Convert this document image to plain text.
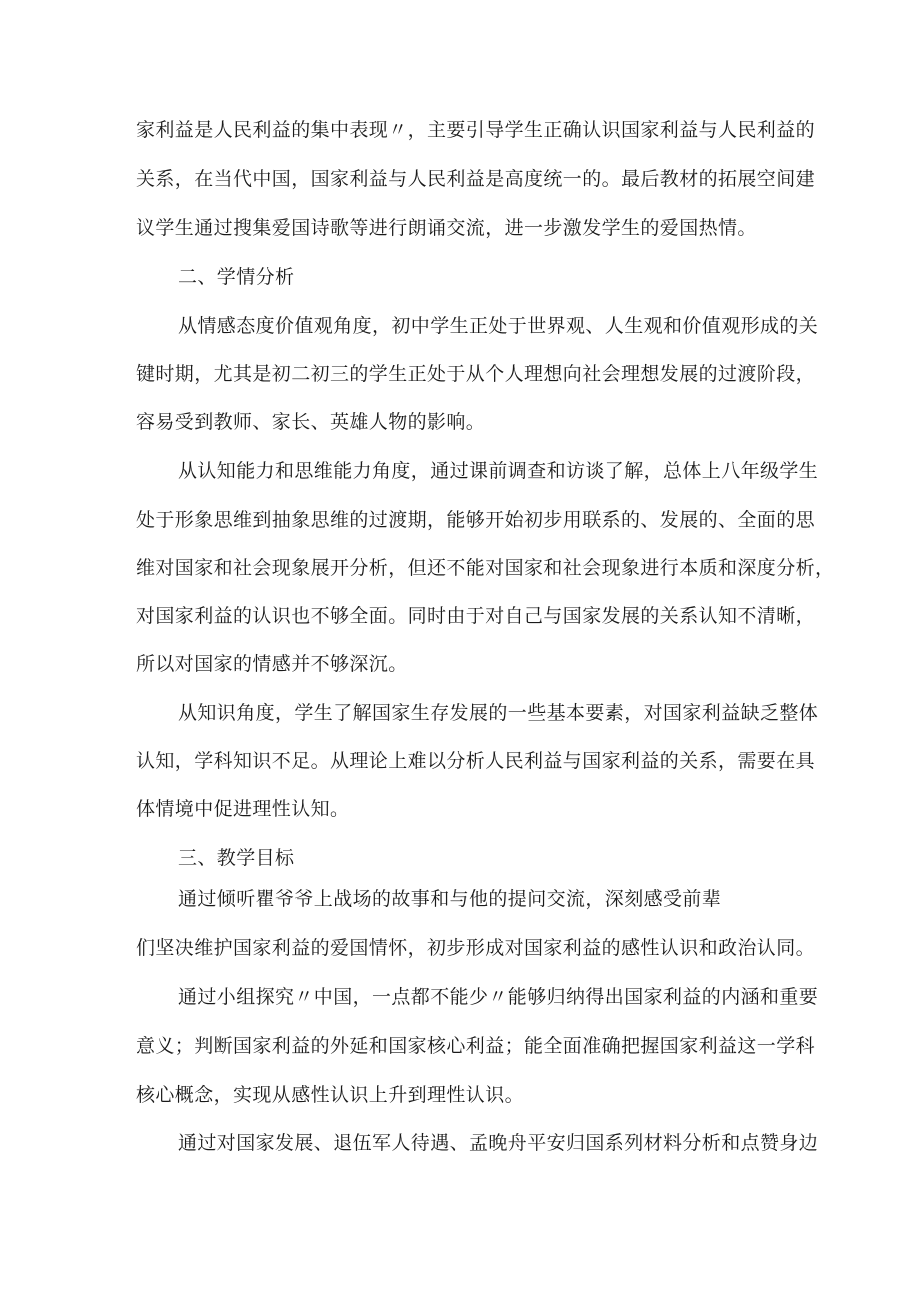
家利益是人民利益的集中表现〃，主要引导学生正确认识国家利益与人民利益的
关系，在当代中国，国家利益与人民利益是高度统一的。最后教材的拓展空间建
议学生通过搜集爱国诗歌等进行朗诵交流，进一步激发学生的爱国热情。
二、学情分析
从情感态度价值观角度，初中学生正处于世界观、人生观和价值观形成的关
键时期，尤其是初二初三的学生正处于从个人理想向社会理想发展的过渡阶段，
容易受到教师、家长、英雄人物的影响。
从认知能力和思维能力角度，通过课前调查和访谈了解，总体上八年级学生
处于形象思维到抽象思维的过渡期，能够开始初步用联系的、发展的、全面的思
维对国家和社会现象展开分析，但还不能对国家和社会现象进行本质和深度分析，
对国家利益的认识也不够全面。同时由于对自己与国家发展的关系认知不清晰，
所以对国家的情感并不够深沉。
从知识角度，学生了解国家生存发展的一些基本要素，对国家利益缺乏整体
认知，学科知识不足。从理论上难以分析人民利益与国家利益的关系，需要在具
体情境中促进理性认知。
三、教学目标
通过倾听瞿爷爷上战场的故事和与他的提问交流，深刻感受前辈
们坚决维护国家利益的爱国情怀，初步形成对国家利益的感性认识和政治认同。
通过小组探究〃中国，一点都不能少〃能够归纳得出国家利益的内涵和重要
意义；判断国家利益的外延和国家核心利益；能全面准确把握国家利益这一学科
核心概念，实现从感性认识上升到理性认识。
通过对国家发展、退伍军人待遇、孟晚舟平安归国系列材料分析和点赞身边
